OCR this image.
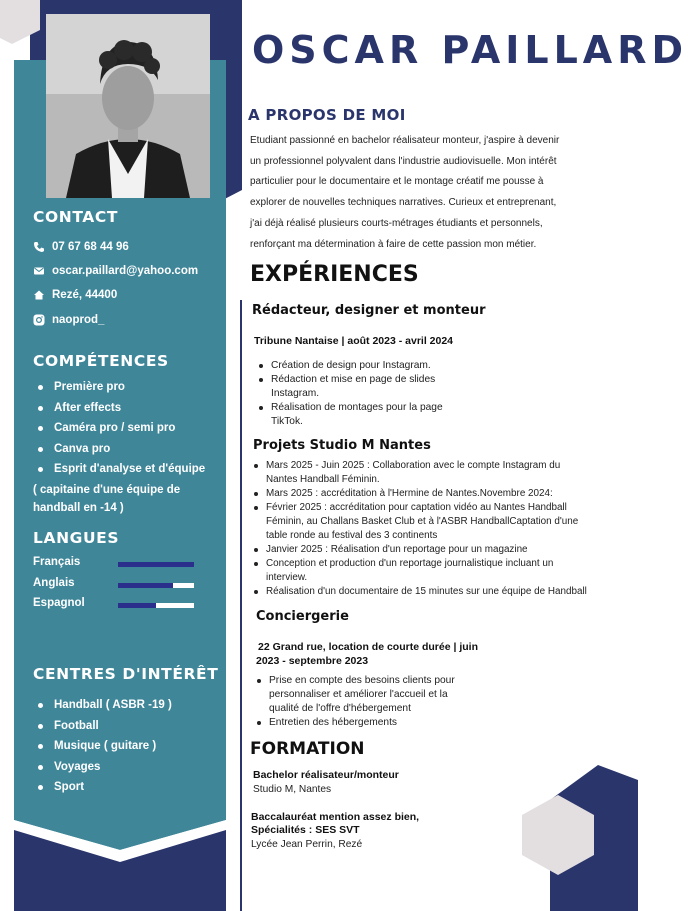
CONTACT
07 67 68 44 96
oscar.paillard@yahoo.com
Rezé, 44400
naoprod_
COMPÉTENCES
Première pro
After effects
Caméra pro / semi pro
Canva pro
Esprit d'analyse et d'équipe
( capitaine d'une équipe de
handball en -14 )
LANGUES
Français
Anglais
Espagnol
CENTRES D'INTÉRÊT
Handball ( ASBR -19 )
Football
Musique ( guitare )
Voyages
Sport
OSCAR PAILLARD
A PROPOS DE MOI
Etudiant passionné en bachelor réalisateur monteur, j'aspire à devenir
un professionnel polyvalent dans l'industrie audiovisuelle. Mon intérêt
particulier pour le documentaire et le montage créatif me pousse à
explorer de nouvelles techniques narratives. Curieux et entreprenant,
j'ai déjà réalisé plusieurs courts-métrages étudiants et personnels,
renforçant ma détermination à faire de cette passion mon métier.
EXPÉRIENCES
Rédacteur, designer et monteur
Tribune Nantaise | août 2023 - avril 2024
Création de design pour Instagram.
Rédaction et mise en page de slides
Instagram.
Réalisation de montages pour la page
TikTok.
Projets Studio M Nantes
Mars 2025 - Juin 2025 : Collaboration avec le compte Instagram du
Nantes Handball Féminin.
Mars 2025 : accréditation à l'Hermine de Nantes.Novembre 2024:
Février 2025 : accréditation pour captation vidéo au Nantes Handball
Féminin, au Challans Basket Club et à l'ASBR HandballCaptation d'une
table ronde au festival des 3 continents
Janvier 2025 : Réalisation d'un reportage pour un magazine
Conception et production d'un reportage journalistique incluant un
interview.
Réalisation d'un documentaire de 15 minutes sur une équipe de Handball
Conciergerie
22 Grand rue, location de courte durée | juin
2023 - septembre 2023
Prise en compte des besoins clients pour
personnaliser et améliorer l'accueil et la
qualité de l'offre d'hébergement
Entretien des hébergements
FORMATION
Bachelor réalisateur/monteur
Studio M, Nantes
Baccalauréat mention assez bien,
Spécialités : SES SVT
Lycée Jean Perrin, Rezé
